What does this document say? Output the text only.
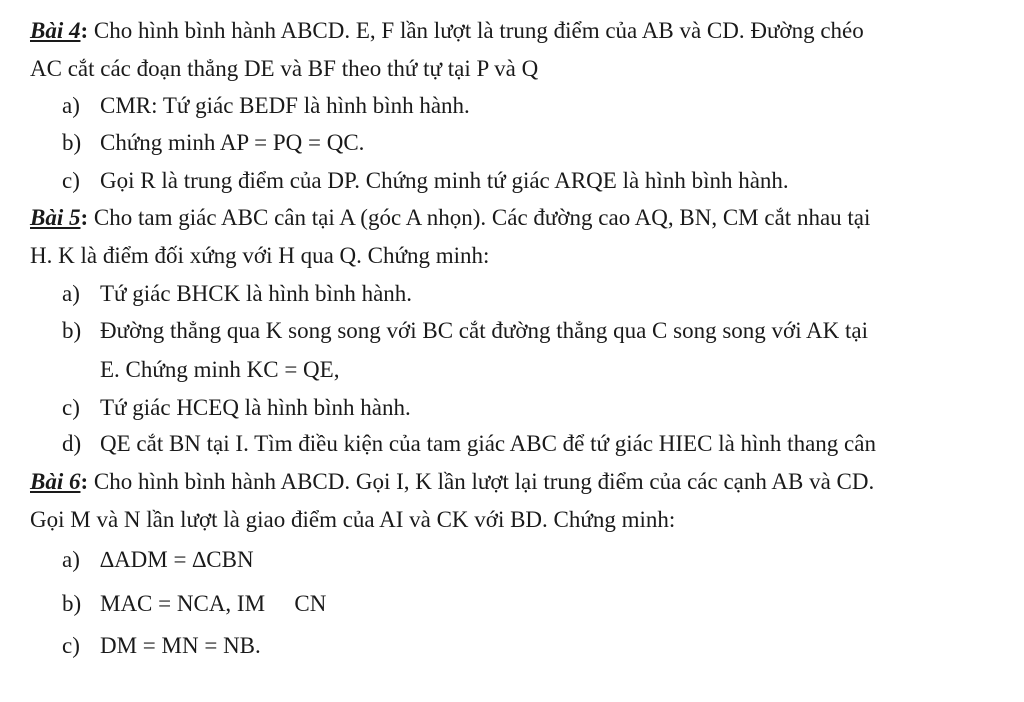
Bài 4: Cho hình bình hành ABCD. E, F lần lượt là trung điểm của AB và CD. Đường chéo
AC cắt các đoạn thẳng DE và BF theo thứ tự tại P và Q
a) CMR: Tứ giác BEDF là hình bình hành.
b) Chứng minh AP = PQ = QC.
c) Gọi R là trung điểm của DP. Chứng minh tứ giác ARQE là hình bình hành.
Bài 5: Cho tam giác ABC cân tại A (góc A nhọn). Các đường cao AQ, BN, CM cắt nhau tại
H. K là điểm đối xứng với H qua Q. Chứng minh:
a) Tứ giác BHCK là hình bình hành.
b) Đường thẳng qua K song song với BC cắt đường thẳng qua C song song với AK tại
E. Chứng minh KC = QE,
c) Tứ giác HCEQ là hình bình hành.
d) QE cắt BN tại I. Tìm điều kiện của tam giác ABC để tứ giác HIEC là hình thang cân
Bài 6: Cho hình bình hành ABCD. Gọi I, K lần lượt lại trung điểm của các cạnh AB và CD.
Gọi M và N lần lượt là giao điểm của AI và CK với BD. Chứng minh:
a) ∆ADM = ∆CBN
b) MAC = NCA, IM ⃞ CN
c) DM = MN = NB.
